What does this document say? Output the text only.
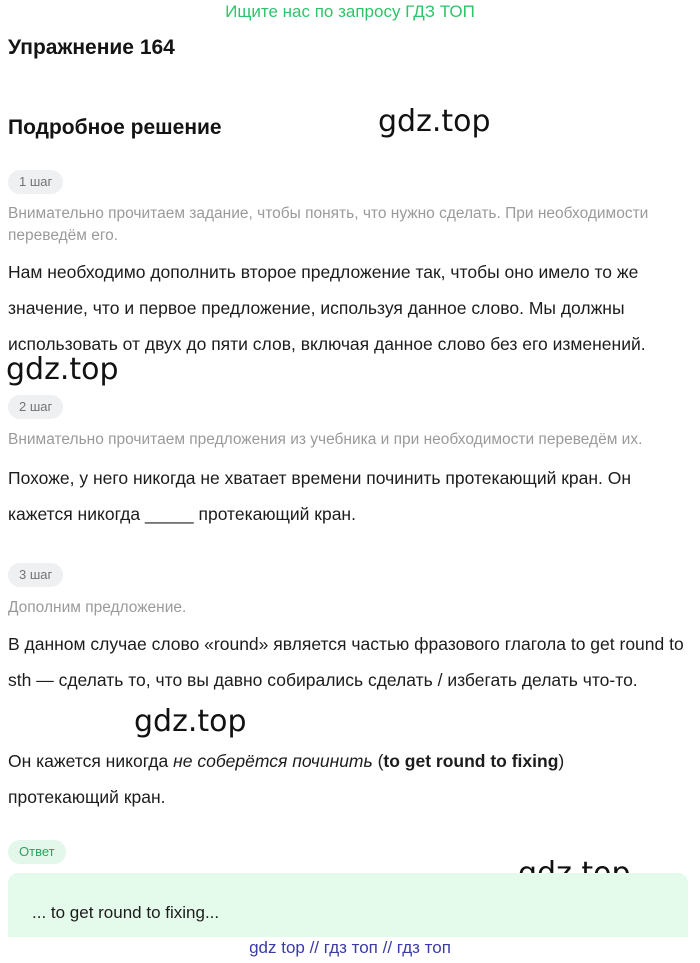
Ищите нас по запросу ГДЗ ТОП
Упражнение 164
Подробное решение	gdz.top
gdz.top
gdz.top
1 шаг

Внимательно прочитаем задание, чтобы понять, что нужно сделать. При необходимости переведём его.

Нам необходимо дополнить второе предложение так, чтобы оно имело то же значение, что и первое предложение, используя данное слово. Мы должны использовать от двух до пяти слов, включая данное слово без его изменений.

2 шаг

Внимательно прочитаем предложения из учебника и при необходимости переведём их.

Похоже, у него никогда не хватает времени починить протекающий кран. Он кажется никогда _____ протекающий кран.

3 шаг

Дополним предложение.

В данном случае слово «round» является частью фразового глагола to get round to sth — сделать то, что вы давно собирались сделать / избегать делать что-то.

Он кажется никогда не соберётся починить (to get round to fixing)
протекающий кран.

Ответ
... to get round to fixing...
gdz top // гдз топ // гдз топ
